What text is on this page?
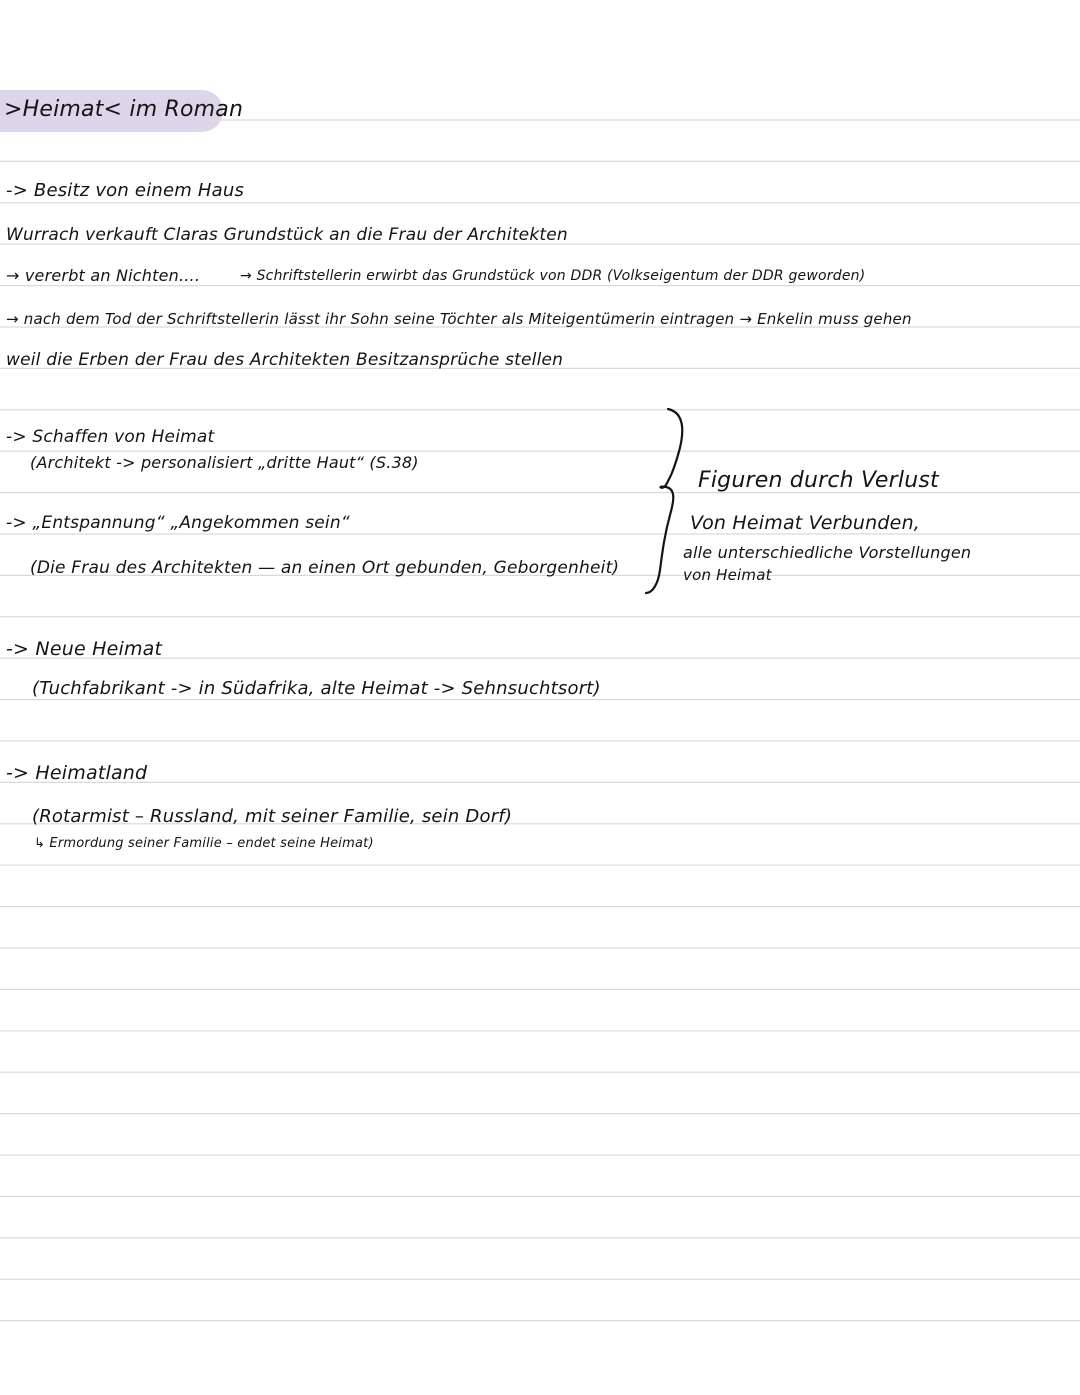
>Heimat< im Roman
-> Besitz von einem Haus
Wurrach verkauft Claras Grundstück an die Frau der Architekten
→ vererbt an Nichten....	→ Schriftstellerin erwirbt das Grundstück von DDR (Volkseigentum der DDR geworden)
→ nach dem Tod der Schriftstellerin lässt ihr Sohn seine Töchter als Miteigentümerin eintragen → Enkelin muss gehen
weil die Erben der Frau des Architekten Besitzansprüche stellen
-> Schaffen von Heimat
(Architekt -> personalisiert „dritte Haut“ (S.38)
-> „Entspannung“ „Angekommen sein“
(Die Frau des Architekten — an einen Ort gebunden, Geborgenheit)
Figuren durch Verlust
Von Heimat Verbunden,
alle unterschiedliche Vorstellungen
von Heimat
-> Neue Heimat
(Tuchfabrikant -> in Südafrika, alte Heimat -> Sehnsuchtsort)
-> Heimatland
(Rotarmist – Russland, mit seiner Familie, sein Dorf)
↳ Ermordung seiner Familie – endet seine Heimat)
